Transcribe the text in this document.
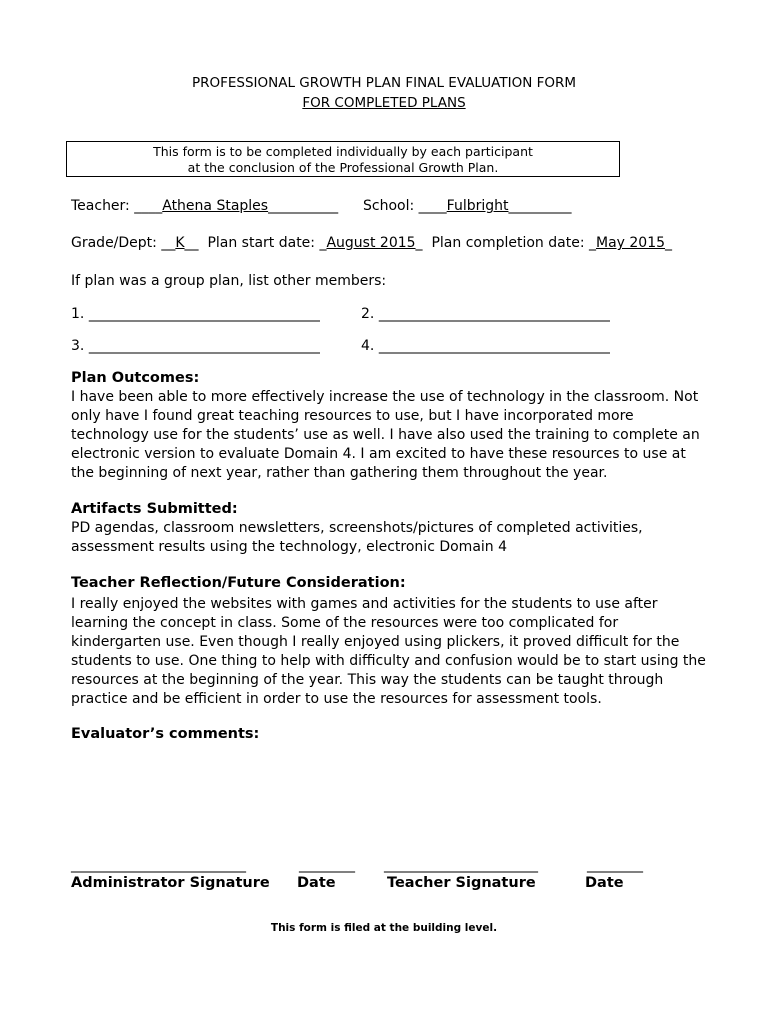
PROFESSIONAL GROWTH PLAN FINAL EVALUATION FORM
FOR COMPLETED PLANS
This form is to be completed individually by each participant
at the conclusion of the Professional Growth Plan.
Teacher: ____Athena Staples__________ School: ____Fulbright_________
Grade/Dept: __K__ Plan start date: _August 2015_ Plan completion date: _May 2015_
If plan was a group plan, list other members:
1. _________________________________	2. _________________________________
3. _________________________________	4. _________________________________
Plan Outcomes:
I have been able to more effectively increase the use of technology in the classroom. Not only have I found great teaching resources to use, but I have incorporated more technology use for the students’ use as well. I have also used the training to complete an electronic version to evaluate Domain 4. I am excited to have these resources to use at the beginning of next year, rather than gathering them throughout the year.
Artifacts Submitted:
PD agendas, classroom newsletters, screenshots/pictures of completed activities, assessment results using the technology, electronic Domain 4
Teacher Reflection/Future Consideration:
I really enjoyed the websites with games and activities for the students to use after learning the concept in class. Some of the resources were too complicated for kindergarten use. Even though I really enjoyed using plickers, it proved difficult for the students to use. One thing to help with difficulty and confusion would be to start using the resources at the beginning of the year. This way the students can be taught through practice and be efficient in order to use the resources for assessment tools.
Evaluator’s comments:
_________________________	________ ______________________	________
Administrator Signature Date	Teacher Signature	Date
This form is filed at the building level.
